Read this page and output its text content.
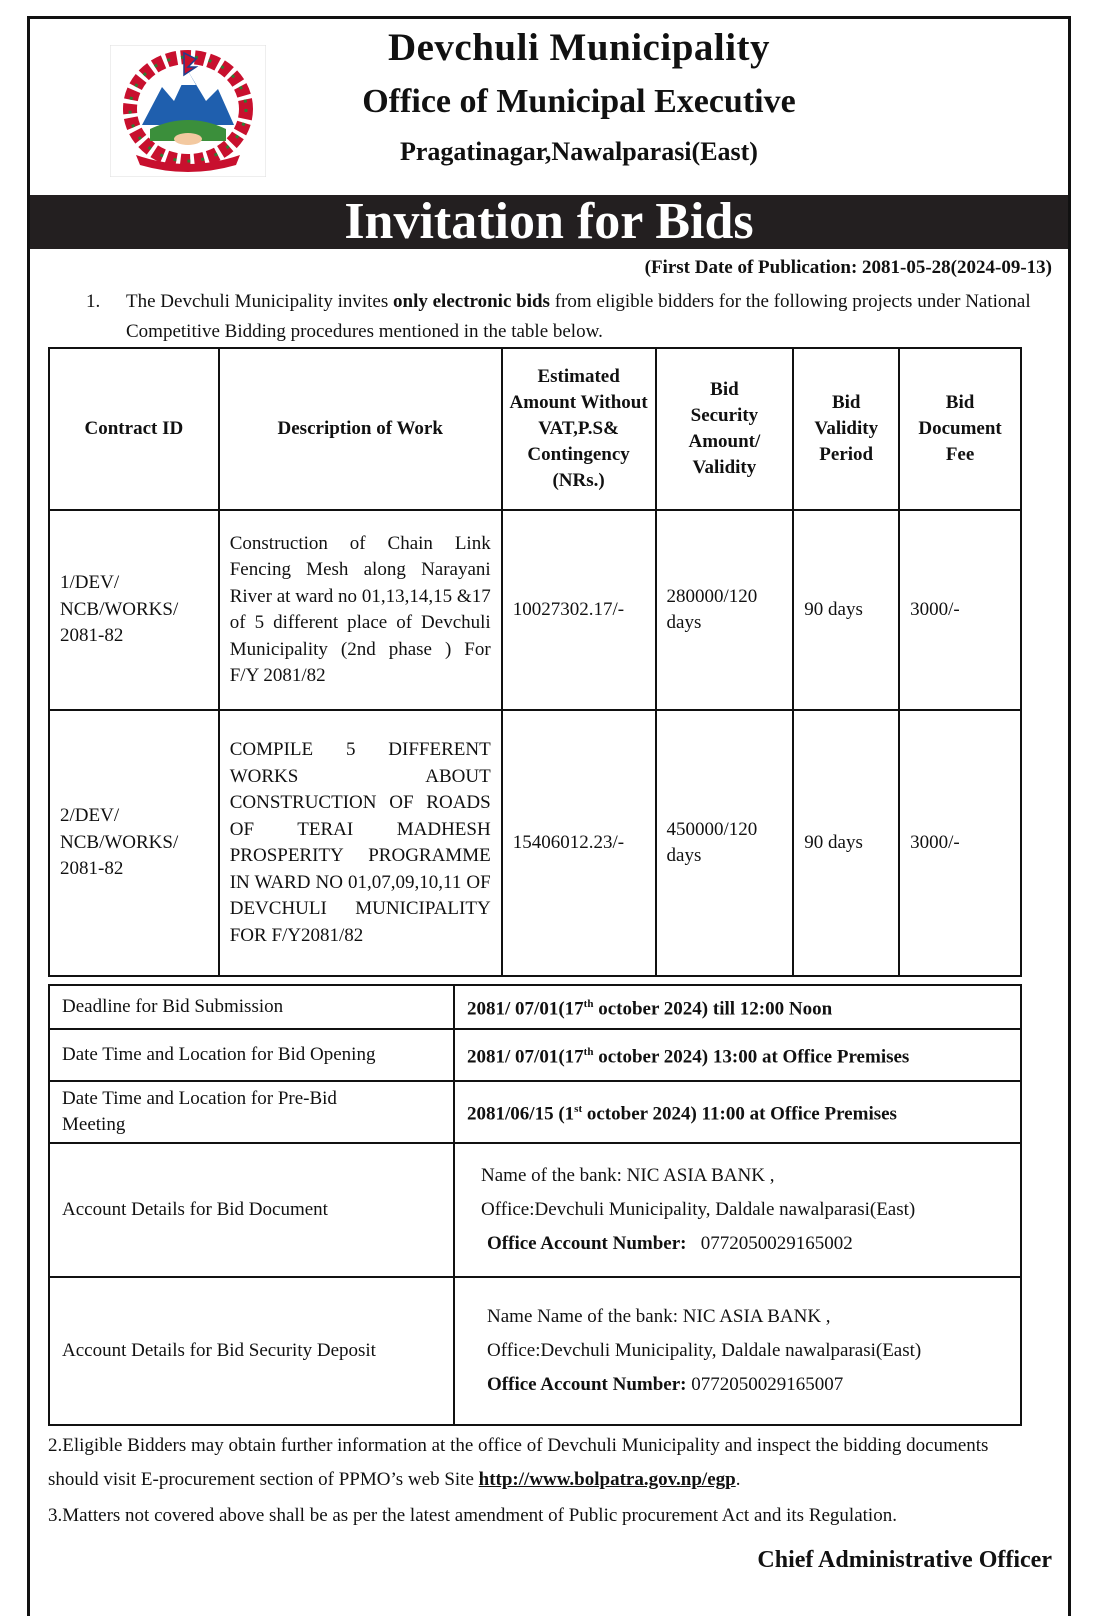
Devchuli Municipality
Office of Municipal Executive
Pragatinagar,Nawalparasi(East)
Invitation for Bids
(First Date of Publication: 2081-05-28(2024-09-13)
1. The Devchuli Municipality invites only electronic bids from eligible bidders for the following projects under National Competitive Bidding procedures mentioned in the table below.
Contract ID	Description of Work	Estimated Amount Without VAT,P.S& Contingency (NRs.)	Bid Security Amount/ Validity	Bid Validity Period	Bid Document Fee
1/DEV/ NCB/WORKS/ 2081-82	Construction of Chain Link Fencing Mesh along Narayani River at ward no 01,13,14,15 &17 of 5 different place of Devchuli Municipality (2nd phase ) For F/Y 2081/82	10027302.17/-	280000/120 days	90 days	3000/-
2/DEV/ NCB/WORKS/ 2081-82	COMPILE 5 DIFFERENT WORKS ABOUT CONSTRUCTION OF ROADS OF TERAI MADHESH PROSPERITY PROGRAMME IN WARD NO 01,07,09,10,11 OF DEVCHULI MUNICIPALITY FOR F/Y2081/82	15406012.23/-	450000/120 days	90 days	3000/-
Deadline for Bid Submission	2081/ 07/01(17th october 2024) till 12:00 Noon
Date Time and Location for Bid Opening	2081/ 07/01(17th october 2024) 13:00 at Office Premises
Date Time and Location for Pre-Bid Meeting	2081/06/15 (1st october 2024) 11:00 at Office Premises
Account Details for Bid Document	Name of the bank: NIC ASIA BANK ,
Office:Devchuli Municipality, Daldale nawalparasi(East)
Office Account Number: 0772050029165002

Account Details for Bid Security Deposit	Name Name of the bank: NIC ASIA BANK ,
Office:Devchuli Municipality, Daldale nawalparasi(East)
Office Account Number: 0772050029165007
2.Eligible Bidders may obtain further information at the office of Devchuli Municipality and inspect the bidding documents should visit E-procurement section of PPMO’s web Site http://www.bolpatra.gov.np/egp.
3.Matters not covered above shall be as per the latest amendment of Public procurement Act and its Regulation.
Chief Administrative Officer
